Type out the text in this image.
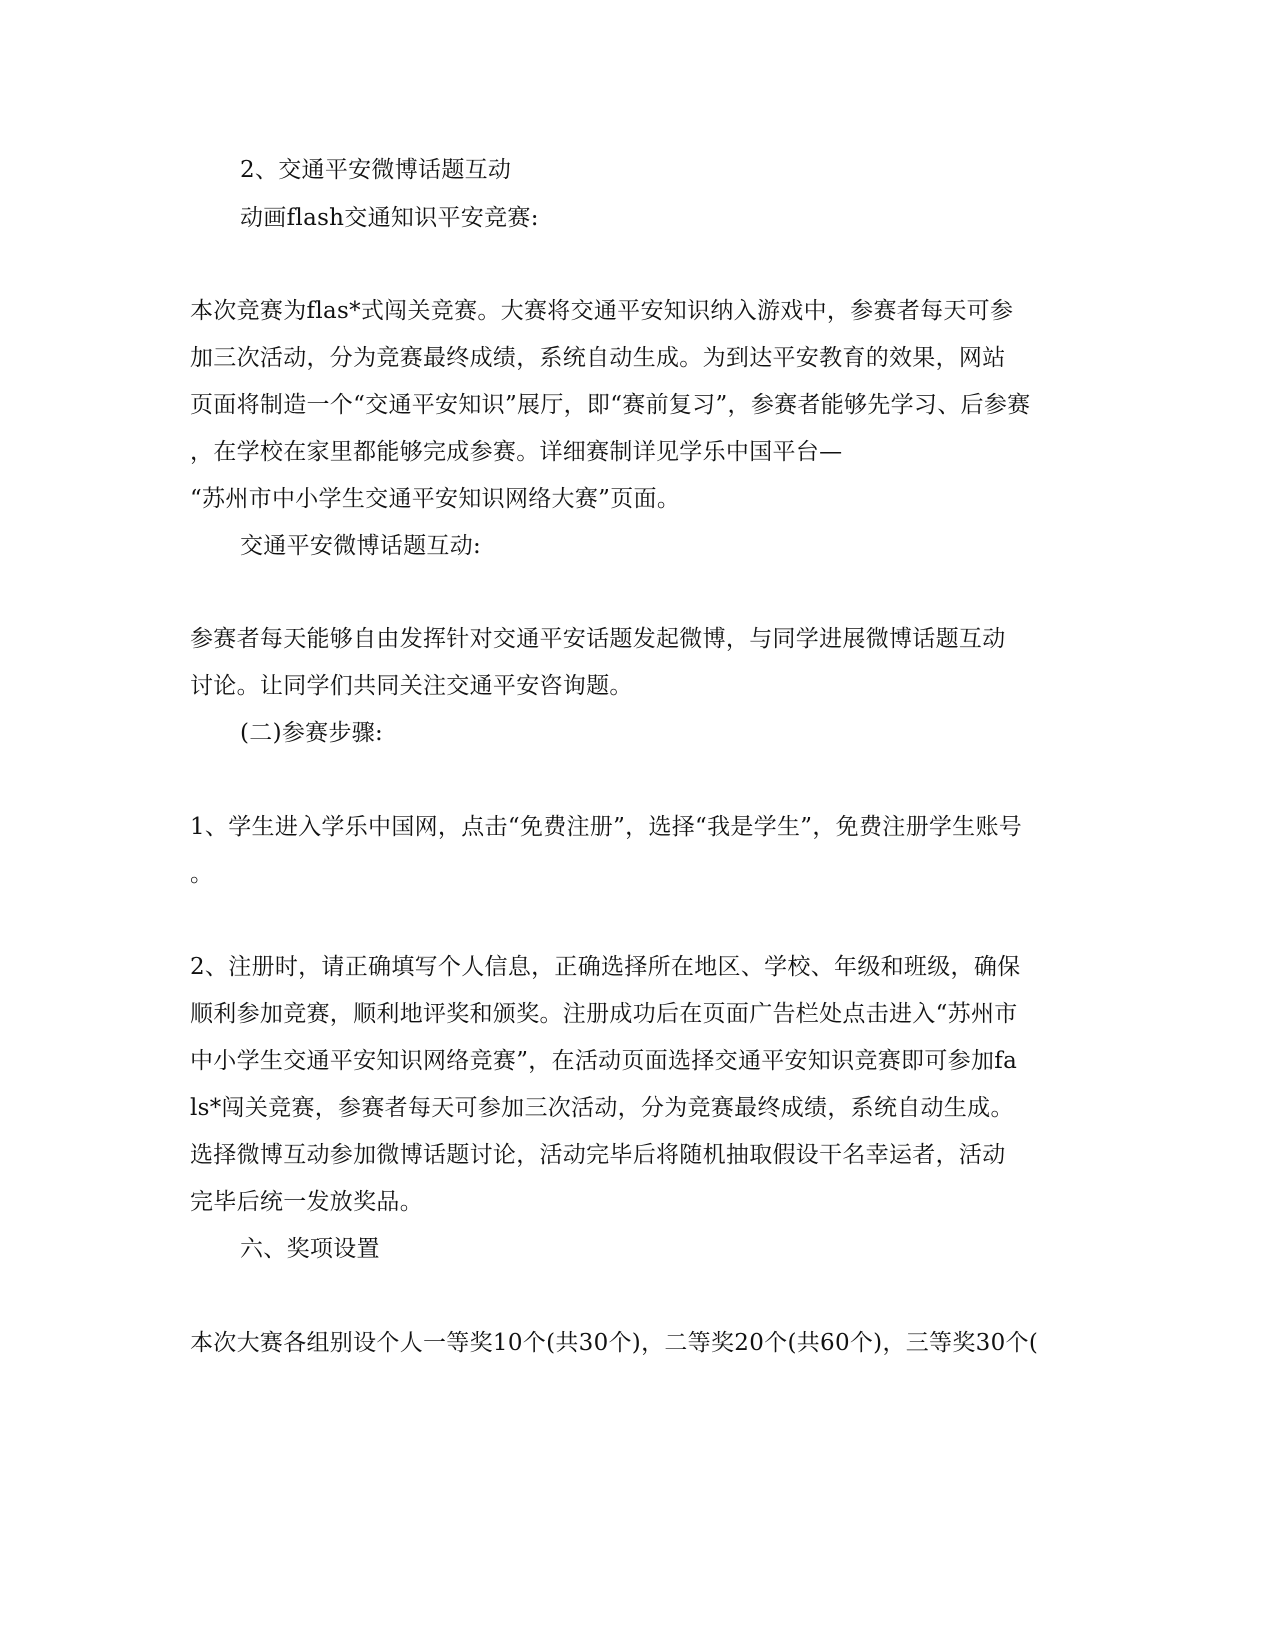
2、交通平安微博话题互动
动画flash交通知识平安竞赛:
本次竞赛为flas*式闯关竞赛。大赛将交通平安知识纳入游戏中，参赛者每天可参
加三次活动，分为竞赛最终成绩，系统自动生成。为到达平安教育的效果，网站
页面将制造一个“交通平安知识”展厅，即“赛前复习”，参赛者能够先学习、后参赛
，在学校在家里都能够完成参赛。详细赛制详见学乐中国平台—
“苏州市中小学生交通平安知识网络大赛”页面。
交通平安微博话题互动:
参赛者每天能够自由发挥针对交通平安话题发起微博，与同学进展微博话题互动
讨论。让同学们共同关注交通平安咨询题。
(二)参赛步骤:
1、学生进入学乐中国网，点击“免费注册”，选择“我是学生”，免费注册学生账号
。
2、注册时，请正确填写个人信息，正确选择所在地区、学校、年级和班级，确保
顺利参加竞赛，顺利地评奖和颁奖。注册成功后在页面广告栏处点击进入“苏州市
中小学生交通平安知识网络竞赛”，在活动页面选择交通平安知识竞赛即可参加fa
ls*闯关竞赛，参赛者每天可参加三次活动，分为竞赛最终成绩，系统自动生成。
选择微博互动参加微博话题讨论，活动完毕后将随机抽取假设干名幸运者，活动
完毕后统一发放奖品。
六、奖项设置
本次大赛各组别设个人一等奖10个(共30个)，二等奖20个(共60个)，三等奖30个(
